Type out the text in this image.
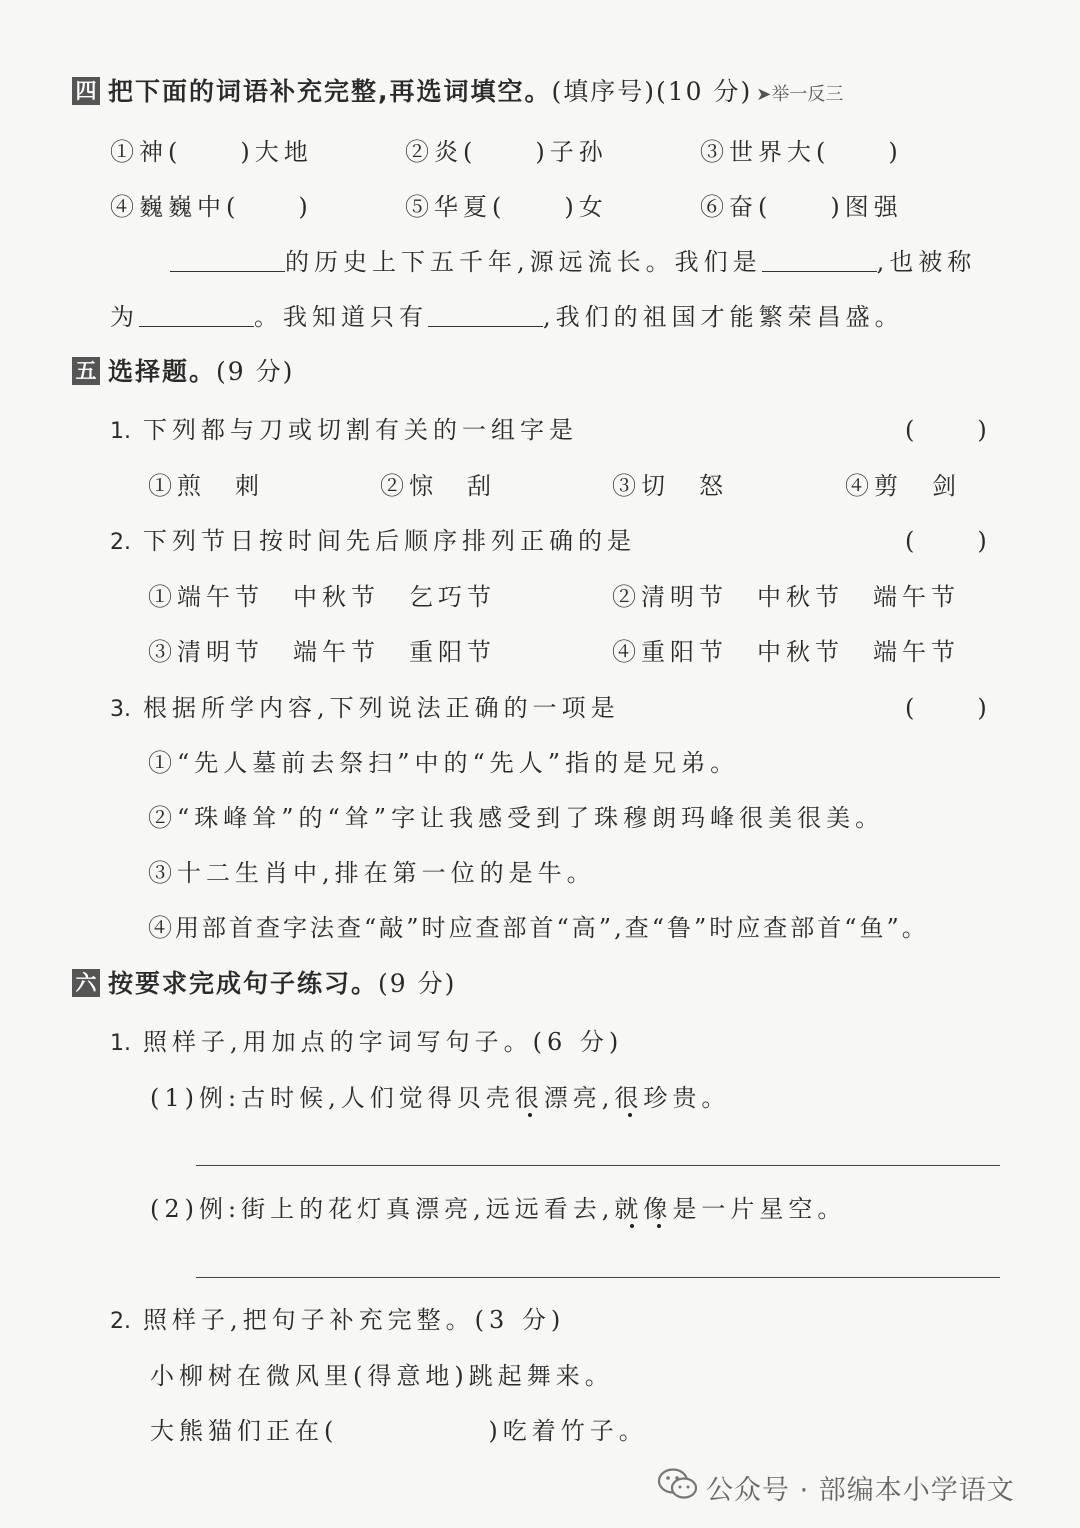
四 把下面的词语补充完整,再选词填空。(填序号)(10 分) ➤举一反三
①神(　　)大地	②炎(　　)子孙	③世界大(　　)
④巍巍中(　　)	⑤华夏(　　)女	⑥奋(　　)图强
的历史上下五千年,源远流长。我们是	,也被称
为	。我知道只有	,我们的祖国才能繁荣昌盛。
五 选择题。(9 分)
1. 下列都与刀或切割有关的一组字是	(　　)
①煎　刺	②惊　刮	③切　怒	④剪　剑
2. 下列节日按时间先后顺序排列正确的是	(　　)
①端午节　中秋节　乞巧节	②清明节　中秋节　端午节
③清明节　端午节　重阳节	④重阳节　中秋节　端午节
3. 根据所学内容,下列说法正确的一项是	(　　)
①“先人墓前去祭扫”中的“先人”指的是兄弟。
②“珠峰耸”的“耸”字让我感受到了珠穆朗玛峰很美很美。
③十二生肖中,排在第一位的是牛。
④用部首查字法查“敲”时应查部首“高”,查“鲁”时应查部首“鱼”。
六 按要求完成句子练习。(9 分)
1. 照样子,用加点的字词写句子。(6 分)
(1)例:古时候,人们觉得贝壳很漂亮,很珍贵。
(2)例:街上的花灯真漂亮,远远看去,就像是一片星空。
2. 照样子,把句子补充完整。(3 分)
小柳树在微风里(得意地)跳起舞来。
大熊猫们正在(	)吃着竹子。
公众号 · 部编本小学语文
